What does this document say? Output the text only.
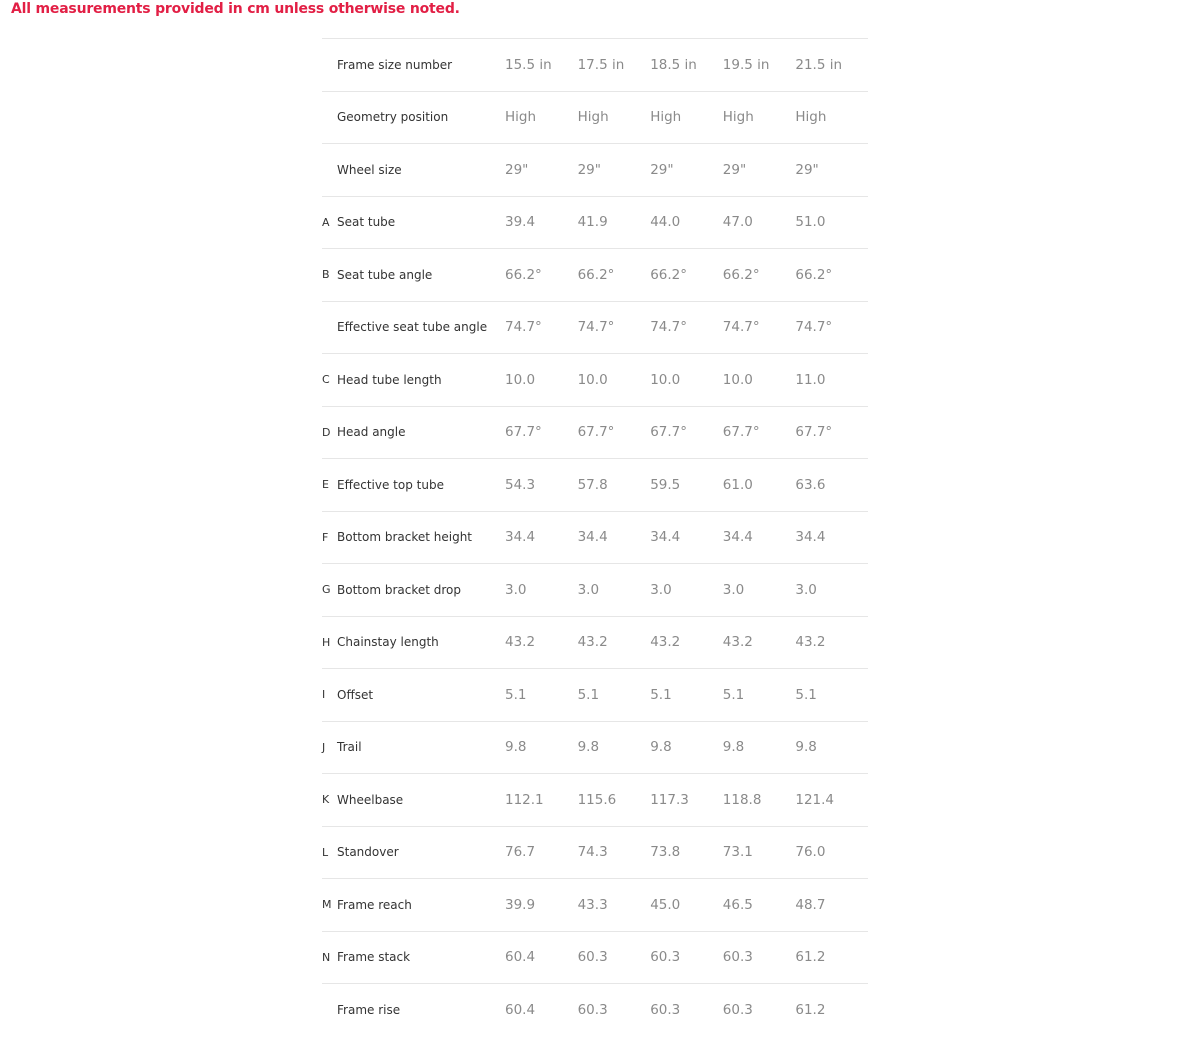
All measurements provided in cm unless otherwise noted.

	Frame size number	15.5 in	17.5 in	18.5 in	19.5 in	21.5 in
	Geometry position	High	High	High	High	High
	Wheel size	29"	29"	29"	29"	29"
A	Seat tube	39.4	41.9	44.0	47.0	51.0
B	Seat tube angle	66.2°	66.2°	66.2°	66.2°	66.2°
	Effective seat tube angle	74.7°	74.7°	74.7°	74.7°	74.7°
C	Head tube length	10.0	10.0	10.0	10.0	11.0
D	Head angle	67.7°	67.7°	67.7°	67.7°	67.7°
E	Effective top tube	54.3	57.8	59.5	61.0	63.6
F	Bottom bracket height	34.4	34.4	34.4	34.4	34.4
G	Bottom bracket drop	3.0	3.0	3.0	3.0	3.0
H	Chainstay length	43.2	43.2	43.2	43.2	43.2
I	Offset	5.1	5.1	5.1	5.1	5.1
J	Trail	9.8	9.8	9.8	9.8	9.8
K	Wheelbase	112.1	115.6	117.3	118.8	121.4
L	Standover	76.7	74.3	73.8	73.1	76.0
M	Frame reach	39.9	43.3	45.0	46.5	48.7
N	Frame stack	60.4	60.3	60.3	60.3	61.2
	Frame rise	60.4	60.3	60.3	60.3	61.2
